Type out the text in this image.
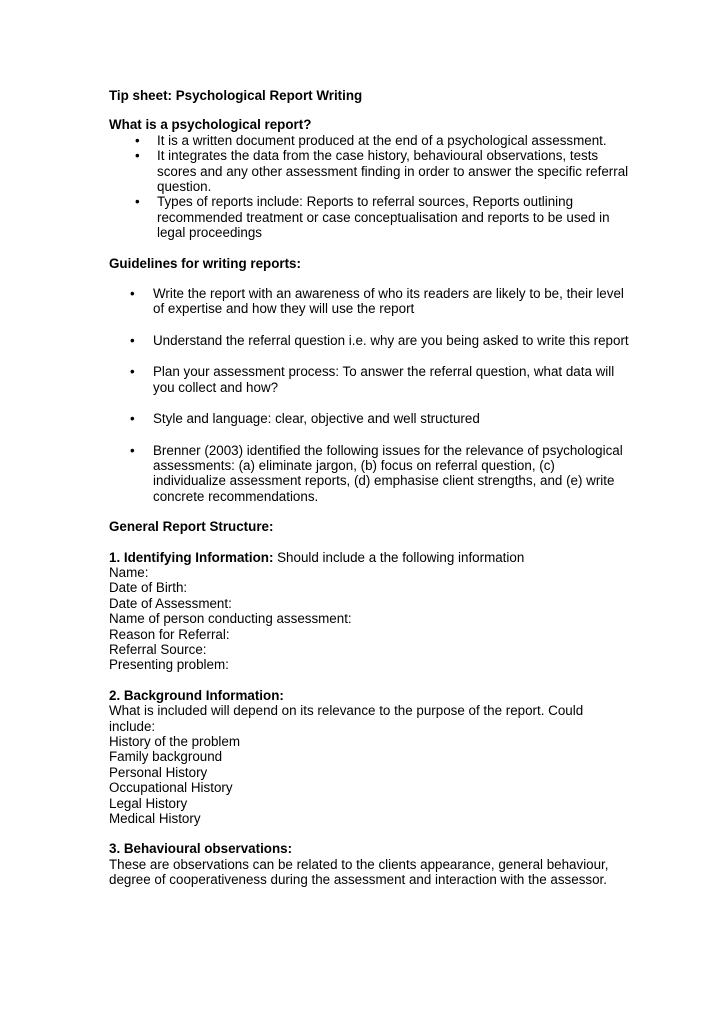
Tip sheet: Psychological Report Writing

What is a psychological report?

• It is a written document produced at the end of a psychological assessment.
• It integrates the data from the case history, behavioural observations, tests scores and any other assessment finding in order to answer the specific referral question.
• Types of reports include: Reports to referral sources, Reports outlining recommended treatment or case conceptualisation and reports to be used in legal proceedings

Guidelines for writing reports:

• Write the report with an awareness of who its readers are likely to be, their level of expertise and how they will use the report
• Understand the referral question i.e. why are you being asked to write this report
• Plan your assessment process: To answer the referral question, what data will you collect and how?
• Style and language: clear, objective and well structured
• Brenner (2003) identified the following issues for the relevance of psychological assessments: (a) eliminate jargon, (b) focus on referral question, (c) individualize assessment reports, (d) emphasise client strengths, and (e) write concrete recommendations.

General Report Structure:

1. Identifying Information: Should include a the following information

Name:

Date of Birth:

Date of Assessment:

Name of person conducting assessment:

Reason for Referral:

Referral Source:

Presenting problem:

2. Background Information:

What is included will depend on its relevance to the purpose of the report. Could include:

History of the problem

Family background

Personal History

Occupational History

Legal History

Medical History

3. Behavioural observations:

These are observations can be related to the clients appearance, general behaviour, degree of cooperativeness during the assessment and interaction with the assessor.
